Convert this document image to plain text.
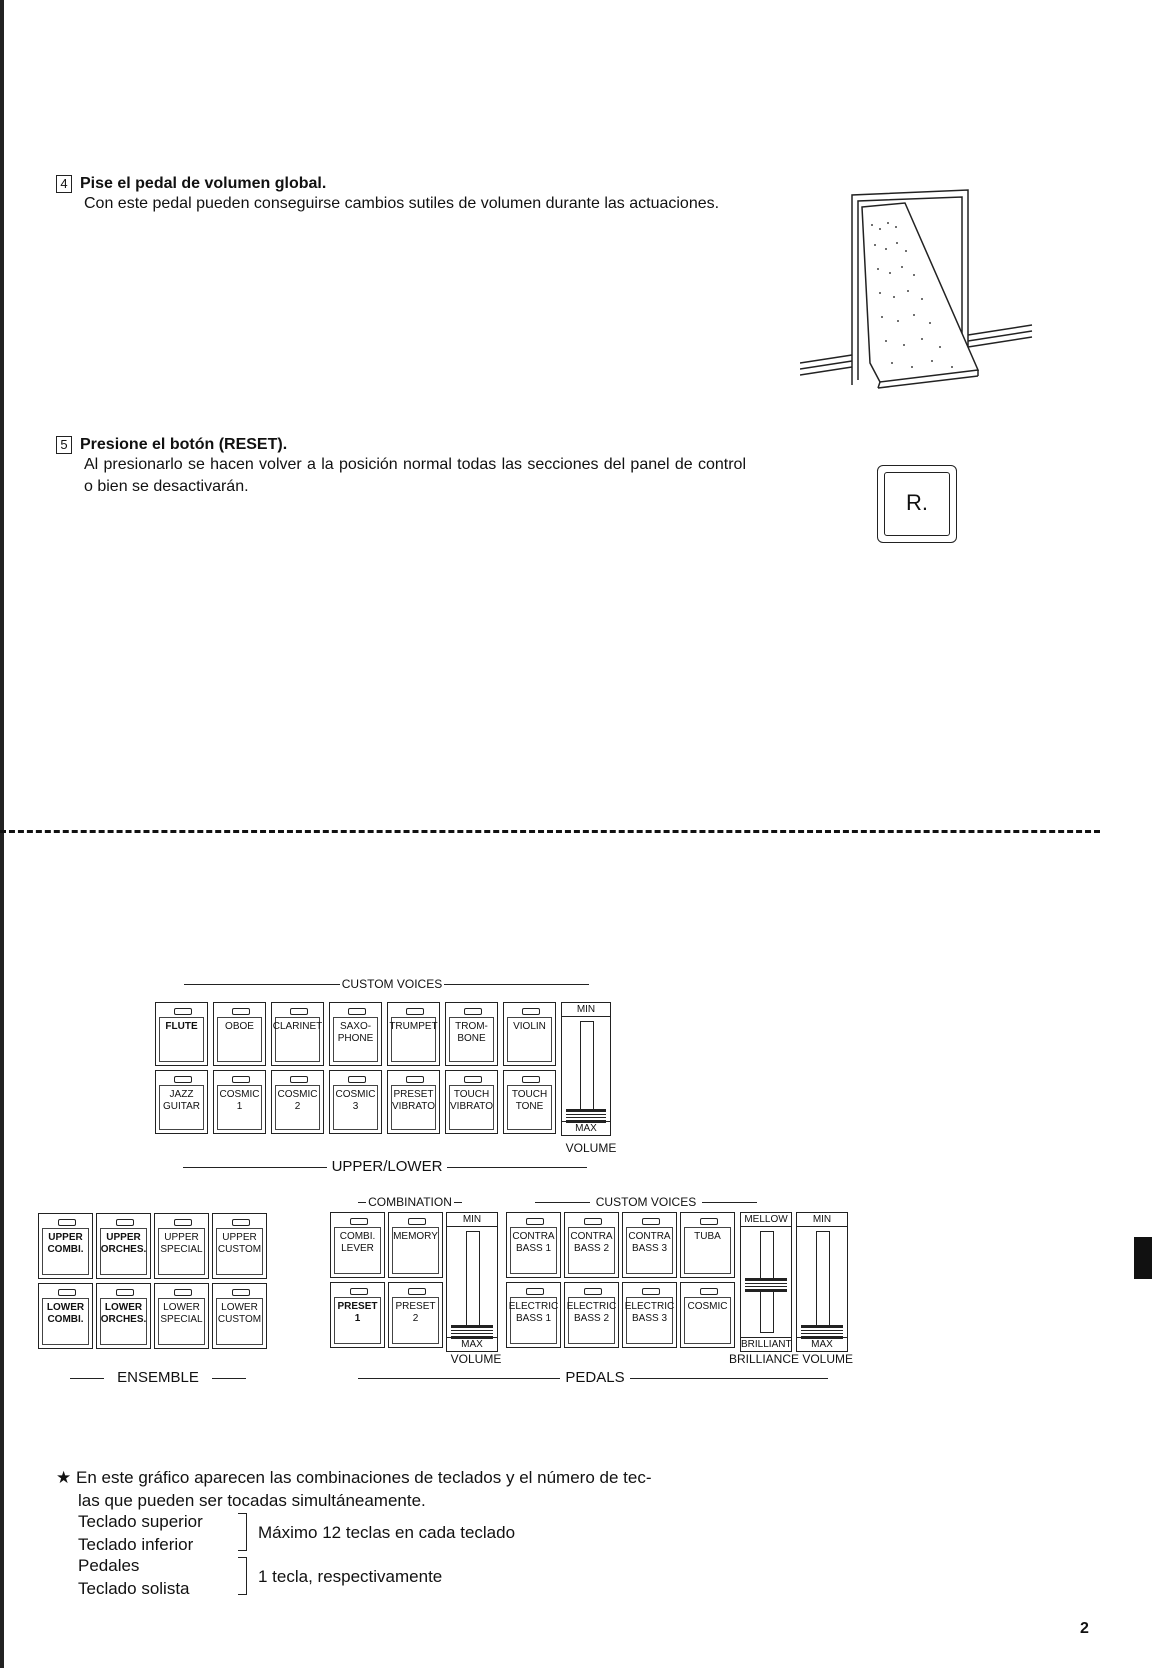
4 Pise el pedal de volumen global.
Con este pedal pueden conseguirse cambios sutiles de volumen durante las actuaciones.
5 Presione el botón (RESET).
Al presionarlo se hacen volver a la posición normal todas las secciones del panel de control o bien se desactivarán.
R.
CUSTOM VOICES
FLUTE
JAZZ
GUITAR
OBOE
COSMIC
1
CLARINET
COSMIC
2
SAXO-
PHONE
COSMIC
3
TRUMPET
PRESET
VIBRATO
TROM-
BONE
TOUCH
VIBRATO
VIOLIN
TOUCH
TONE
MIN
MAX
UPPER/LOWER
UPPER
COMBI.
LOWER
COMBI.
UPPER
ORCHES.
LOWER
ORCHES.
UPPER
SPECIAL
LOWER
SPECIAL
UPPER
CUSTOM
LOWER
CUSTOM
ENSEMBLE
COMBINATION	CUSTOM VOICES
COMBI.
LEVER
MEMORY
PRESET
1
PRESET
2
MIN
MAX
CONTRA
BASS 1
ELECTRIC
BASS 1
CONTRA
BASS 2
ELECTRIC
BASS 2
CONTRA
BASS 3
ELECTRIC
BASS 3
TUBA
COSMIC
MELLOW
BRILLIANT
MIN
MAX
VOLUME	BRILLIANCE VOLUME
PEDALS
★ En este gráfico aparecen las combinaciones de teclados y el número de tec-
las que pueden ser tocadas simultáneamente.
Teclado superior
Teclado inferior
Máximo 12 teclas en cada teclado
Pedales
Teclado solista
1 tecla, respectivamente
2
VOLUME
